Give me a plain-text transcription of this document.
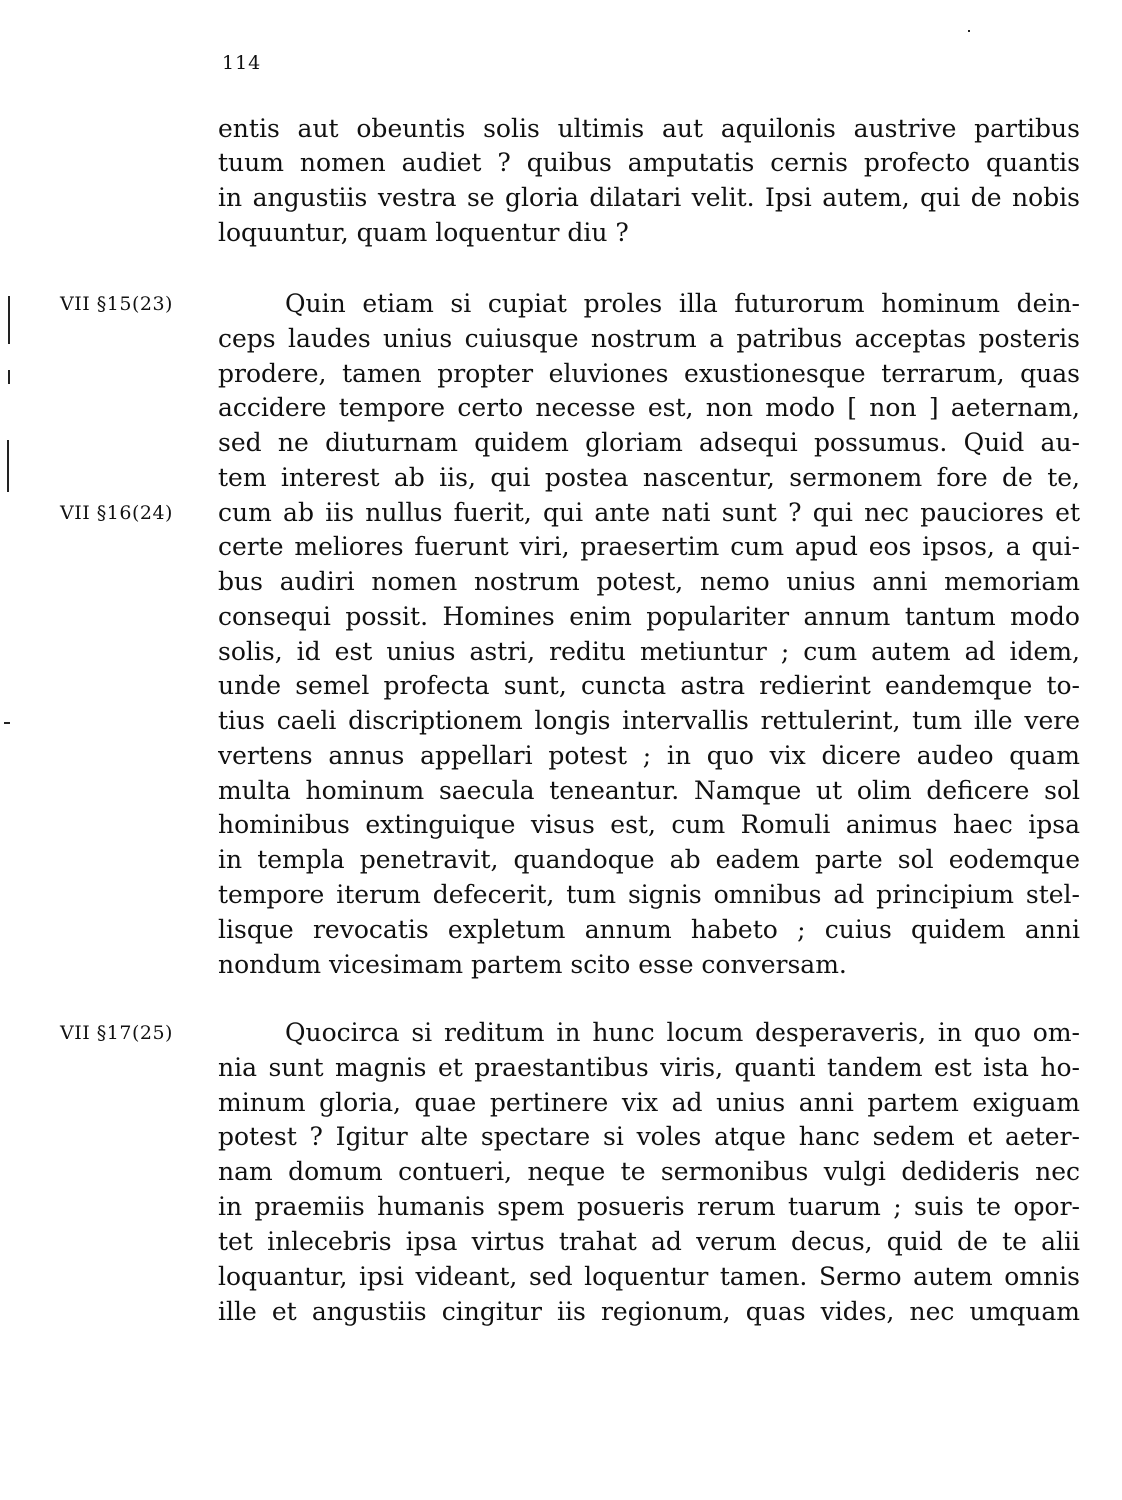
114
entis aut obeuntis solis ultimis aut aquilonis austrive partibus
tuum nomen audiet ? quibus amputatis cernis profecto quantis
in angustiis vestra se gloria dilatari velit. Ipsi autem, qui de nobis
loquuntur, quam loquentur diu ?
VII §15(23)
VII §16(24)
VII §17(25)
Quin etiam si cupiat proles illa futurorum hominum dein-
ceps laudes unius cuiusque nostrum a patribus acceptas posteris
prodere, tamen propter eluviones exustionesque terrarum, quas
accidere tempore certo necesse est, non modo [ non ] aeternam,
sed ne diuturnam quidem gloriam adsequi possumus. Quid au-
tem interest ab iis, qui postea nascentur, sermonem fore de te,
cum ab iis nullus fuerit, qui ante nati sunt ? qui nec pauciores et
certe meliores fuerunt viri, praesertim cum apud eos ipsos, a qui-
bus audiri nomen nostrum potest, nemo unius anni memoriam
consequi possit. Homines enim populariter annum tantum modo
solis, id est unius astri, reditu metiuntur ; cum autem ad idem,
unde semel profecta sunt, cuncta astra redierint eandemque to-
tius caeli discriptionem longis intervallis rettulerint, tum ille vere
vertens annus appellari potest ; in quo vix dicere audeo quam
multa hominum saecula teneantur. Namque ut olim deficere sol
hominibus extinguique visus est, cum Romuli animus haec ipsa
in templa penetravit, quandoque ab eadem parte sol eodemque
tempore iterum defecerit, tum signis omnibus ad principium stel-
lisque revocatis expletum annum habeto ; cuius quidem anni
nondum vicesimam partem scito esse conversam.
Quocirca si reditum in hunc locum desperaveris, in quo om-
nia sunt magnis et praestantibus viris, quanti tandem est ista ho-
minum gloria, quae pertinere vix ad unius anni partem exiguam
potest ? Igitur alte spectare si voles atque hanc sedem et aeter-
nam domum contueri, neque te sermonibus vulgi dedideris nec
in praemiis humanis spem posueris rerum tuarum ; suis te opor-
tet inlecebris ipsa virtus trahat ad verum decus, quid de te alii
loquantur, ipsi videant, sed loquentur tamen. Sermo autem omnis
ille et angustiis cingitur iis regionum, quas vides, nec umquam
